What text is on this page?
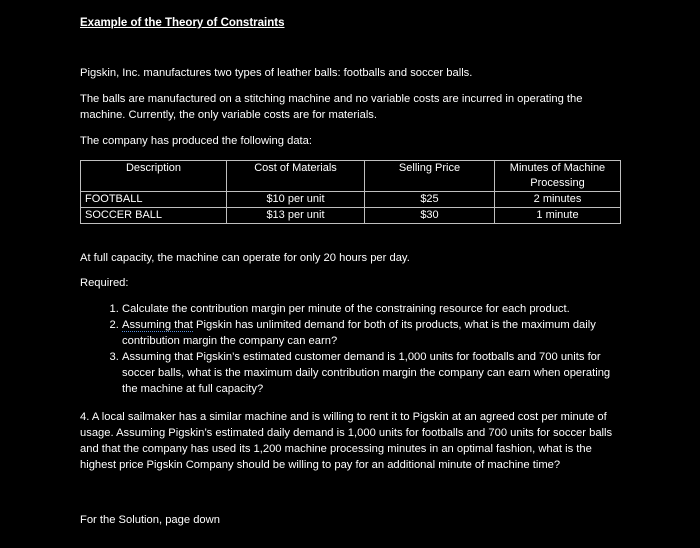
Example of the Theory of Constraints

Pigskin, Inc. manufactures two types of leather balls: footballs and soccer balls.

The balls are manufactured on a stitching machine and no variable costs are incurred in operating the machine. Currently, the only variable costs are for materials.

The company has produced the following data:

Description	Cost of Materials	Selling Price	Minutes of Machine Processing
FOOTBALL	$10 per unit	$25	2 minutes
SOCCER BALL	$13 per unit	$30	1 minute

At full capacity, the machine can operate for only 20 hours per day.

Required:

1. Calculate the contribution margin per minute of the constraining resource for each product.
2. Assuming that Pigskin has unlimited demand for both of its products, what is the maximum daily contribution margin the company can earn?
3. Assuming that Pigskin’s estimated customer demand is 1,000 units for footballs and 700 units for soccer balls, what is the maximum daily contribution margin the company can earn when operating the machine at full capacity?

4. A local sailmaker has a similar machine and is willing to rent it to Pigskin at an agreed cost per minute of usage. Assuming Pigskin’s estimated daily demand is 1,000 units for footballs and 700 units for soccer balls and that the company has used its 1,200 machine processing minutes in an optimal fashion, what is the highest price Pigskin Company should be willing to pay for an additional minute of machine time?

For the Solution, page down
